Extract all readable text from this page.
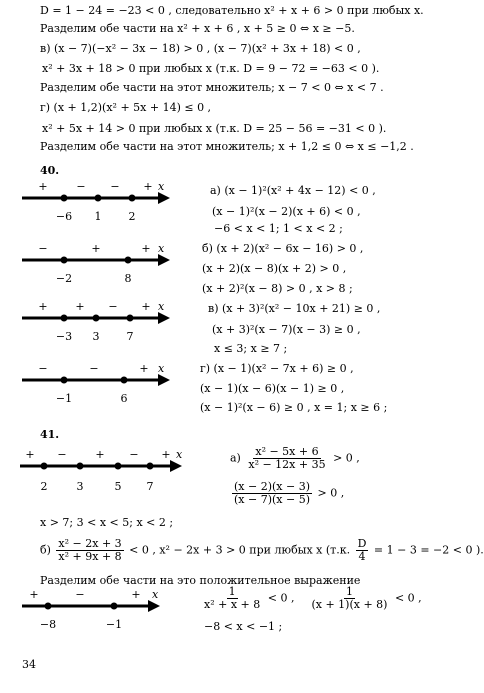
D = 1 − 24 = −23 < 0 , следовательно x² + x + 6 > 0 при любых x.
Разделим обе части на x² + x + 6 , x + 5 ≥ 0 ⇔ x ≥ −5.
в) (x − 7)(−x² − 3x − 18) > 0 , (x − 7)(x² + 3x + 18) < 0 ,
x² + 3x + 18 > 0 при любых x (т.к. D = 9 − 72 = −63 < 0 ).
Разделим обе части на этот множитель; x − 7 < 0 ⇔ x < 7 .
г) (x + 1,2)(x² + 5x + 14) ≤ 0 ,
x² + 5x + 14 > 0 при любых x (т.к. D = 25 − 56 = −31 < 0 ).
Разделим обе части на этот множитель; x + 1,2 ≤ 0 ⇔ x ≤ −1,2 .
40.
x
+	− − +
−6 1 2
x
−	+	+
−2	8
x
+	+ − +
−3 3 7
x
−	−	+
−1	6
а) (x − 1)²(x² + 4x − 12) < 0 ,
(x − 1)²(x − 2)(x + 6) < 0 ,
−6 < x < 1; 1 < x < 2 ;
б) (x + 2)(x² − 6x − 16) > 0 ,
(x + 2)(x − 8)(x + 2) > 0 ,
(x + 2)²(x − 8) > 0 , x > 8 ;
в) (x + 3)²(x² − 10x + 21) ≥ 0 ,
(x + 3)²(x − 7)(x − 3) ≥ 0 ,
x ≤ 3; x ≥ 7 ;
г) (x − 1)(x² − 7x + 6) ≥ 0 ,
(x − 1)(x − 6)(x − 1) ≥ 0 ,
(x − 1)²(x − 6) ≥ 0 , x = 1; x ≥ 6 ;
41.
x
+ −	+ − +
2	3	5 7
$а) \frac{\text{x² − 5x + 6}}{\text{x² − 12x + 35}} > 0$ ,
$\frac{(x - 2)(x - 3)}{(x - 7)(x - 5)} > 0$ ,
x > 7; 3 < x < 5; x < 2 ;
$б) \frac{\text{x² − 2x + 3}}{\text{x² + 9x + 8}} < 0$ , x² − 2x + 3 > 0 при любых x (т.к. $\frac{D}{4} = 1 - 3 = -2 < 0$ ).
Разделим обе части на это положительное выражение
x
+	−	+
−8	−1
$\frac{1}{\text{x² + x + 8}} < 0$ , $\frac{1}{(x + 1)(x + 8)} < 0$ ,
−8 < x < −1 ;
34
